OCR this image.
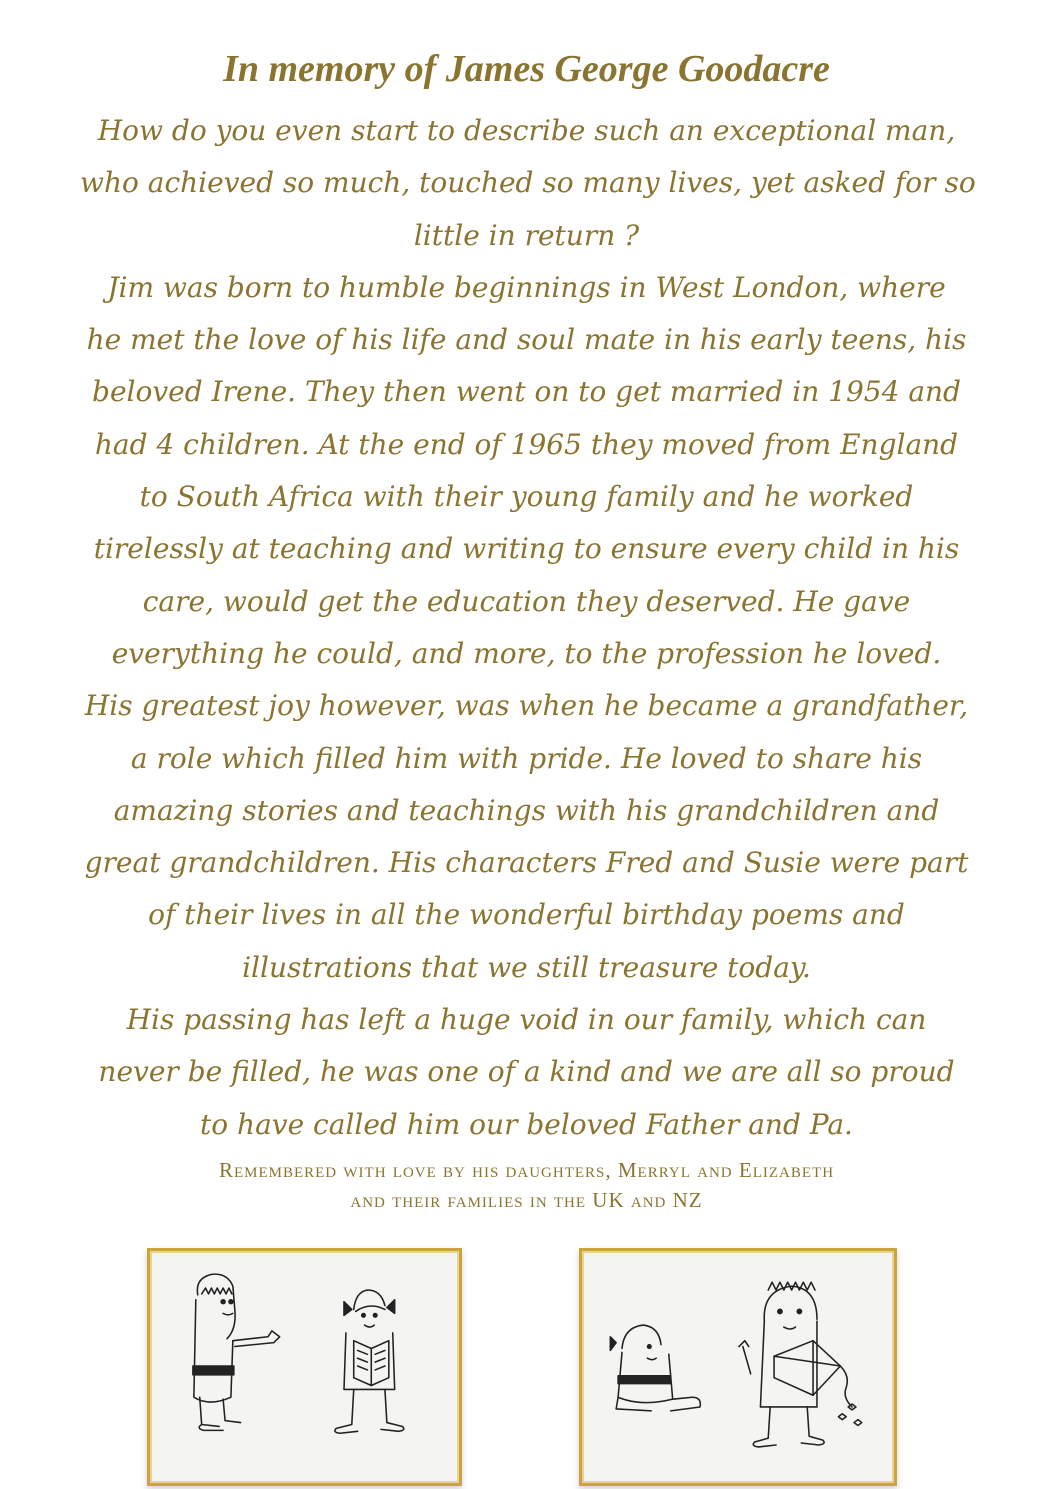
In memory of James George Goodacre
How do you even start to describe such an exceptional man,
who achieved so much, touched so many lives, yet asked for so
little in return ?
Jim was born to humble beginnings in West London, where
he met the love of his life and soul mate in his early teens, his
beloved Irene. They then went on to get married in 1954 and
had 4 children. At the end of 1965 they moved from England
to South Africa with their young family and he worked
tirelessly at teaching and writing to ensure every child in his
care, would get the education they deserved. He gave
everything he could, and more, to the profession he loved.
His greatest joy however, was when he became a grandfather,
a role which filled him with pride. He loved to share his
amazing stories and teachings with his grandchildren and
great grandchildren. His characters Fred and Susie were part
of their lives in all the wonderful birthday poems and
illustrations that we still treasure today.
His passing has left a huge void in our family, which can
never be filled, he was one of a kind and we are all so proud
to have called him our beloved Father and Pa.
Remembered with love by his daughters, Merryl and Elizabeth
and their families in the UK and NZ
